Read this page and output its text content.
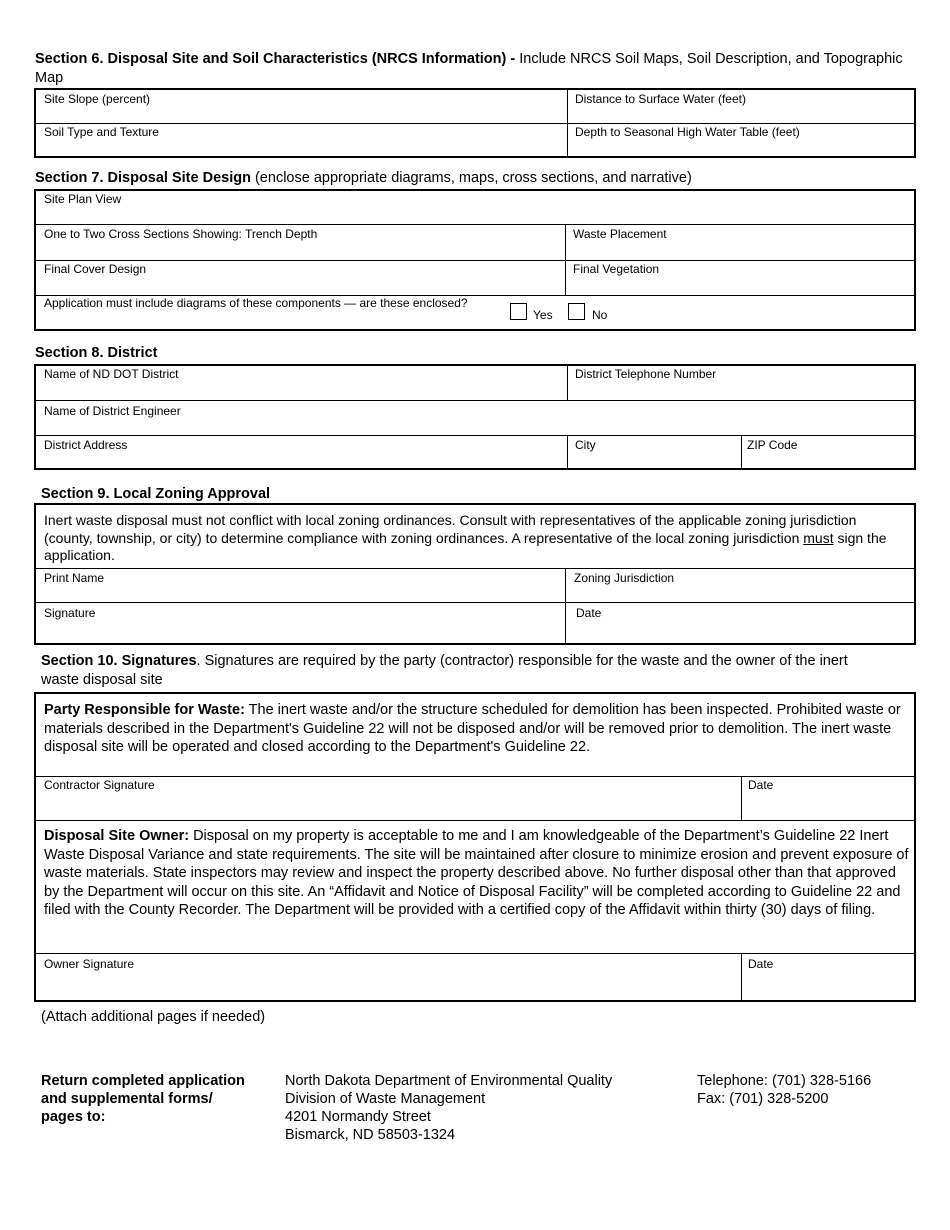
Section 6. Disposal Site and Soil Characteristics (NRCS Information) - Include NRCS Soil Maps, Soil Description, and Topographic Map
Site Slope (percent)	Distance to Surface Water (feet)
Soil Type and Texture	Depth to Seasonal High Water Table (feet)
Section 7. Disposal Site Design (enclose appropriate diagrams, maps, cross sections, and narrative)
Site Plan View
One to Two Cross Sections Showing: Trench Depth	Waste Placement
Final Cover Design	Final Vegetation
Application must include diagrams of these components — are these enclosed?
Yes	No
Section 8. District
Name of ND DOT District	District Telephone Number
Name of District Engineer
District Address	City	ZIP Code
Section 9. Local Zoning Approval
Inert waste disposal must not conflict with local zoning ordinances. Consult with representatives of the applicable zoning jurisdiction (county, township, or city) to determine compliance with zoning ordinances. A representative of the local zoning jurisdiction must sign the application.
Print Name	Zoning Jurisdiction
Signature	Date
Section 10. Signatures. Signatures are required by the party (contractor) responsible for the waste and the owner of the inert waste disposal site
Party Responsible for Waste: The inert waste and/or the structure scheduled for demolition has been inspected. Prohibited waste or materials described in the Department's Guideline 22 will not be disposed and/or will be removed prior to demolition. The inert waste disposal site will be operated and closed according to the Department's Guideline 22.
Contractor Signature	Date
Disposal Site Owner: Disposal on my property is acceptable to me and I am knowledgeable of the Department’s Guideline 22 Inert Waste Disposal Variance and state requirements. The site will be maintained after closure to minimize erosion and prevent exposure of waste materials. State inspectors may review and inspect the property described above. No further disposal other than that approved by the Department will occur on this site. An “Affidavit and Notice of Disposal Facility” will be completed according to Guideline 22 and filed with the County Recorder. The Department will be provided with a certified copy of the Affidavit within thirty (30) days of filing.
Owner Signature	Date
(Attach additional pages if needed)
Return completed application
and supplemental forms/
pages to:
North Dakota Department of Environmental Quality
Division of Waste Management
4201 Normandy Street
Bismarck, ND 58503-1324
Telephone: (701) 328-5166
Fax: (701) 328-5200
